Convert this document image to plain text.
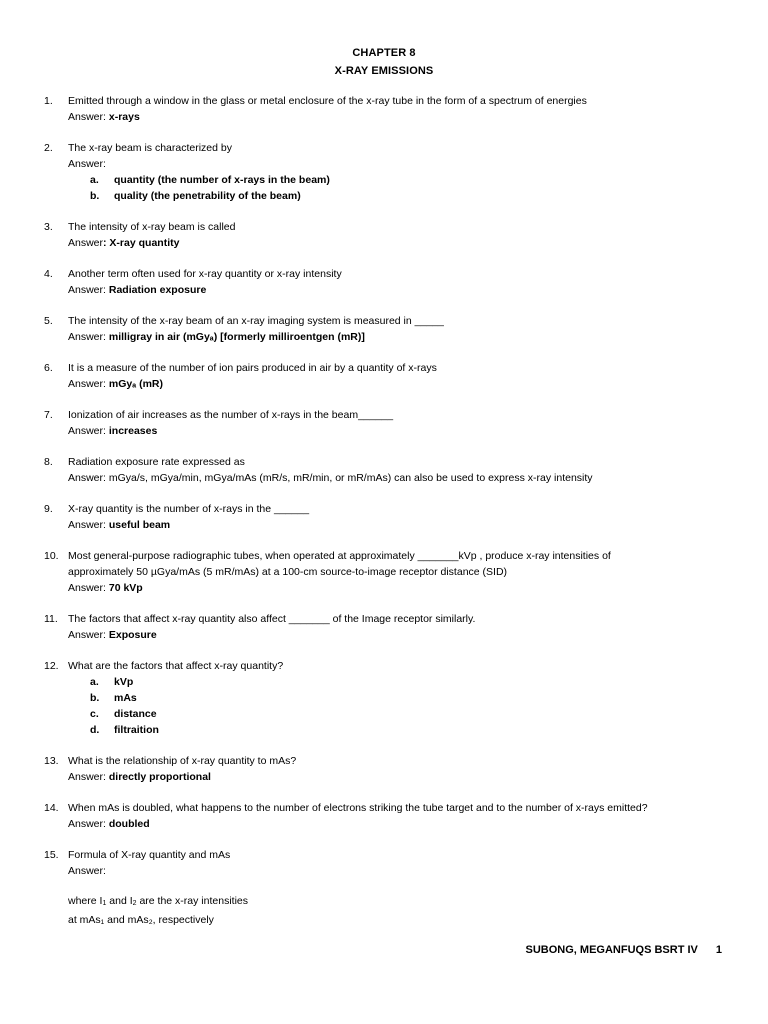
CHAPTER 8
X-RAY EMISSIONS
1. Emitted through a window in the glass or metal enclosure of the x-ray tube in the form of a spectrum of energies
Answer: x-rays
2. The x-ray beam is characterized by
Answer:
a.	quantity (the number of x-rays in the beam)
b.	quality (the penetrability of the beam)
3. The intensity of x-ray beam is called
Answer: X-ray quantity
4. Another term often used for x-ray quantity or x-ray intensity
Answer: Radiation exposure
5. The intensity of the x-ray beam of an x-ray imaging system is measured in _____
Answer: milligray in air (mGyₐ) [formerly milliroentgen (mR)]
6. It is a measure of the number of ion pairs produced in air by a quantity of x-rays
Answer: mGyₐ (mR)
7. Ionization of air increases as the number of x-rays in the beam______
Answer: increases
8. Radiation exposure rate expressed as
Answer: mGya/s, mGya/min, mGya/mAs (mR/s, mR/min, or mR/mAs) can also be used to express x-ray intensity
9. X-ray quantity is the number of x-rays in the ______
Answer: useful beam
10. Most general-purpose radiographic tubes, when operated at approximately _______kVp , produce x-ray intensities of
approximately 50 µGya/mAs (5 mR/mAs) at a 100-cm source-to-image receptor distance (SID)
Answer: 70 kVp
11. The factors that affect x-ray quantity also affect _______ of the Image receptor similarly.
Answer: Exposure
12. What are the factors that affect x-ray quantity?
a.	kVp
b.	mAs
c.	distance
d.	filtraition
13. What is the relationship of x-ray quantity to mAs?
Answer: directly proportional
14. When mAs is doubled, what happens to the number of electrons striking the tube target and to the number of x-rays emitted?
Answer: doubled
15. Formula of X-ray quantity and mAs
Answer:
where I1 and I2 are the x-ray intensities
at mAs₁ and mAs₂, respectively
SUBONG, MEGANFUQS BSRT IV 1
